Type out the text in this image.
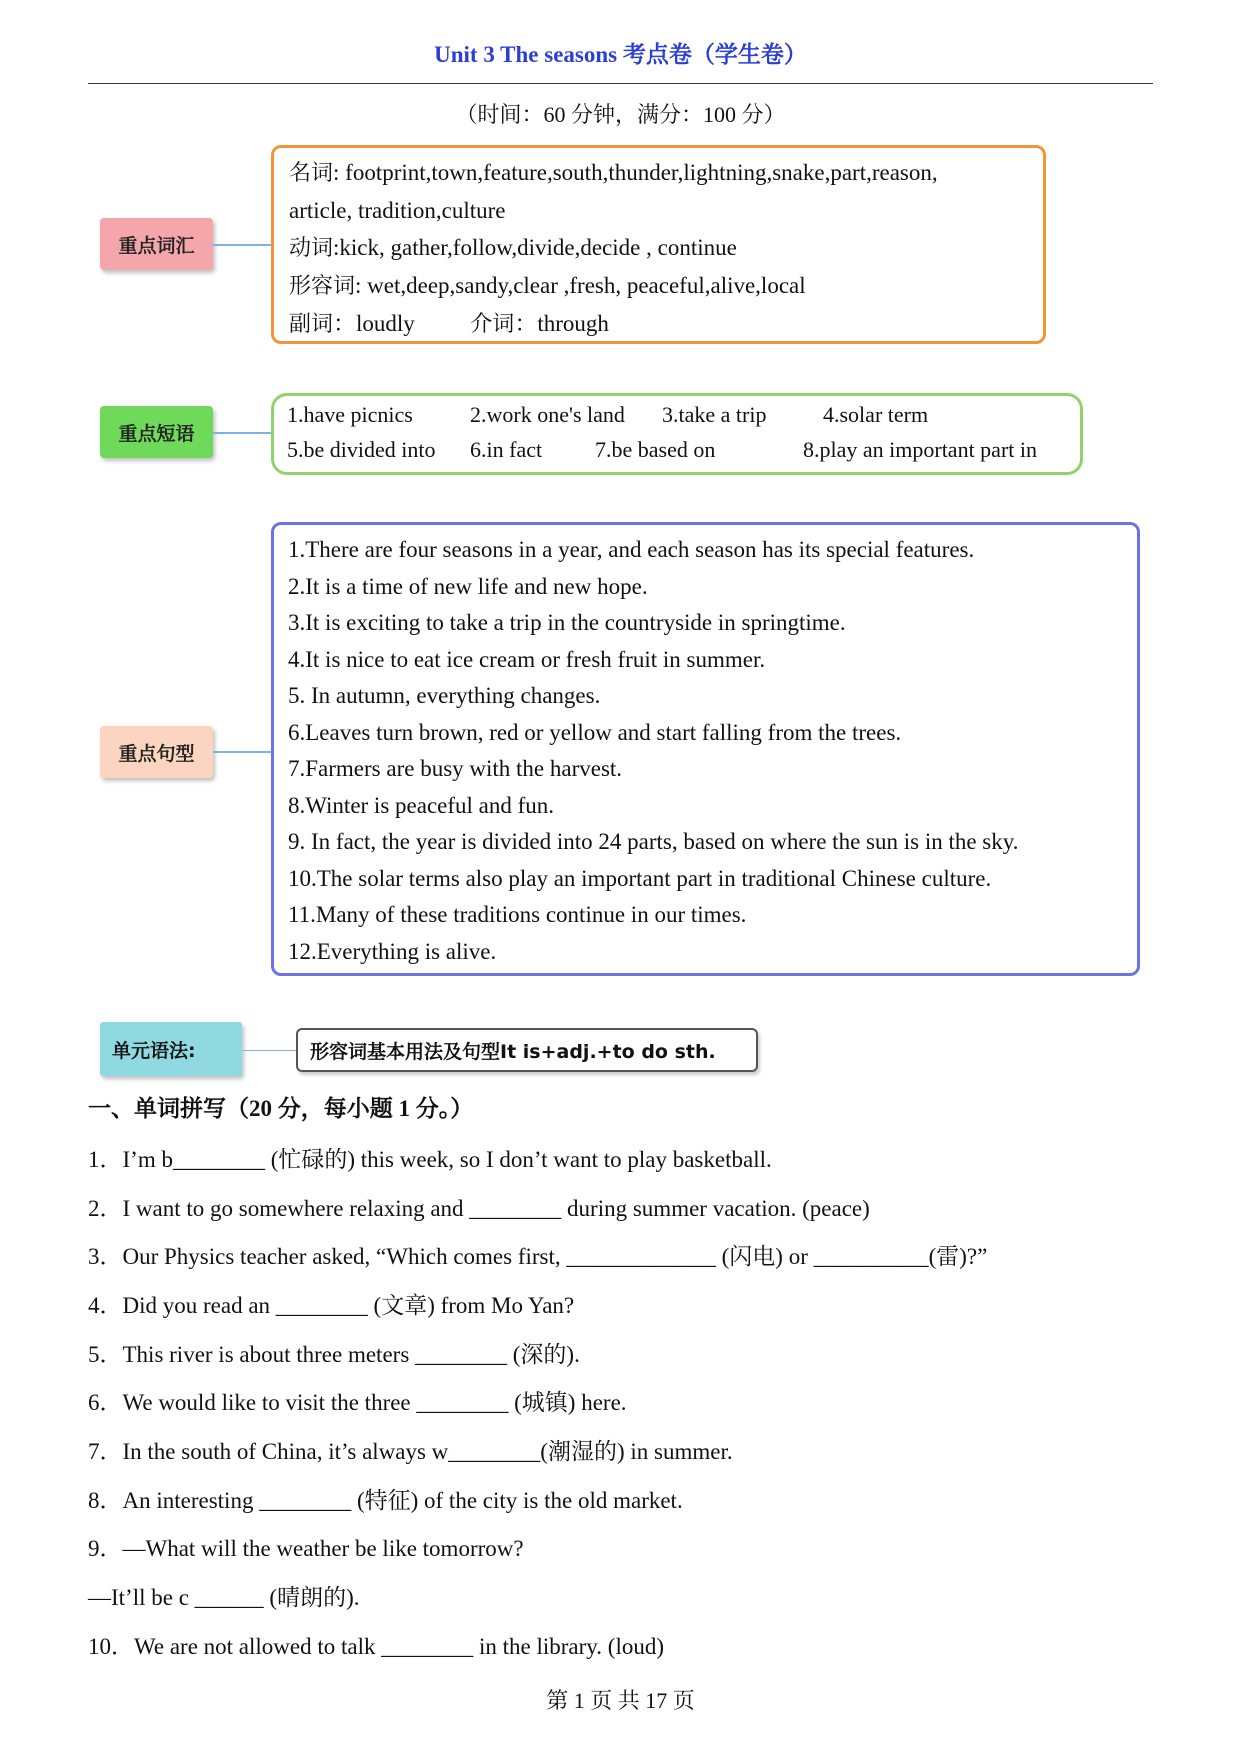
Unit 3 The seasons 考点卷（学生卷）
（时间：60 分钟，满分：100 分）
重点词汇
名词: footprint,town,feature,south,thunder,lightning,snake,part,reason,
article, tradition,culture
动词:kick, gather,follow,divide,decide , continue
形容词: wet,deep,sandy,clear ,fresh, peaceful,alive,local
副词：loudly	介词：through
重点短语
1.have picnics	2.work one's land 3.take a trip	4.solar term
5.be divided into 6.in fact 7.be based on	8.play an important part in
重点句型
1.There are four seasons in a year, and each season has its special features.
2.It is a time of new life and new hope.
3.It is exciting to take a trip in the countryside in springtime.
4.It is nice to eat ice cream or fresh fruit in summer.
5. In autumn, everything changes.
6.Leaves turn brown, red or yellow and start falling from the trees.
7.Farmers are busy with the harvest.
8.Winter is peaceful and fun.
9. In fact, the year is divided into 24 parts, based on where the sun is in the sky.
10.The solar terms also play an important part in traditional Chinese culture.
11.Many of these traditions continue in our times.
12.Everything is alive.
单元语法:	形容词基本用法及句型It is+adj.+to do sth.
一、单词拼写（20 分，每小题 1 分。）
1．I’m b________ (忙碌的) this week, so I don’t want to play basketball.
2．I want to go somewhere relaxing and ________ during summer vacation. (peace)
3．Our Physics teacher asked, “Which comes first, _____________ (闪电) or __________(雷)?”
4．Did you read an ________ (文章) from Mo Yan?
5．This river is about three meters ________ (深的).
6．We would like to visit the three ________ (城镇) here.
7．In the south of China, it’s always w________(潮湿的) in summer.
8．An interesting ________ (特征) of the city is the old market.
9．—What will the weather be like tomorrow?
—It’ll be c ______ (晴朗的).
10．We are not allowed to talk ________ in the library. (loud)
第 1 页 共 17 页
